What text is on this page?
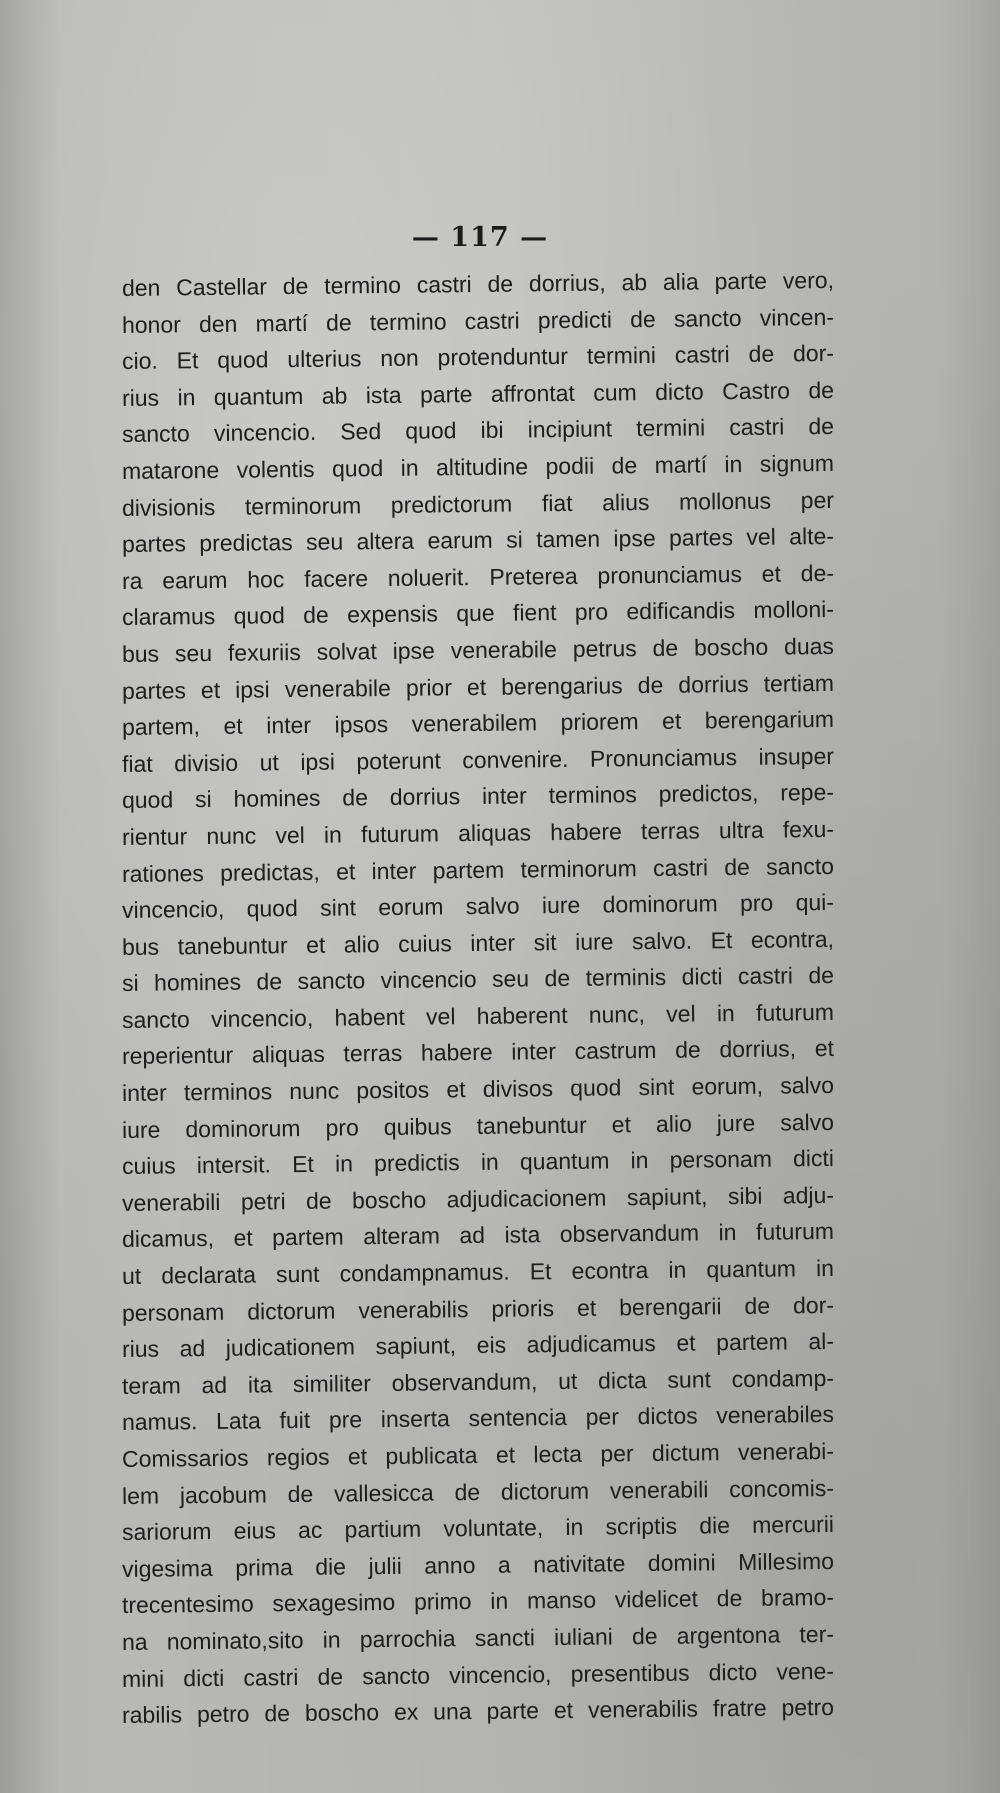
— 117 —
den Castellar de termino castri de dorrius, ab alia parte vero,
honor den martí de termino castri predicti de sancto vincen-
cio. Et quod ulterius non protenduntur termini castri de dor-
rius in quantum ab ista parte affrontat cum dicto Castro de
sancto vincencio. Sed quod ibi incipiunt termini castri de
matarone volentis quod in altitudine podii de martí in signum
divisionis terminorum predictorum fiat alius mollonus per
partes predictas seu altera earum si tamen ipse partes vel alte-
ra earum hoc facere noluerit. Preterea pronunciamus et de-
claramus quod de expensis que fient pro edificandis molloni-
bus seu fexuriis solvat ipse venerabile petrus de boscho duas
partes et ipsi venerabile prior et berengarius de dorrius tertiam
partem, et inter ipsos venerabilem priorem et berengarium
fiat divisio ut ipsi poterunt convenire. Pronunciamus insuper
quod si homines de dorrius inter terminos predictos, repe-
rientur nunc vel in futurum aliquas habere terras ultra fexu-
rationes predictas, et inter partem terminorum castri de sancto
vincencio, quod sint eorum salvo iure dominorum pro qui-
bus tanebuntur et alio cuius inter sit iure salvo. Et econtra,
si homines de sancto vincencio seu de terminis dicti castri de
sancto vincencio, habent vel haberent nunc, vel in futurum
reperientur aliquas terras habere inter castrum de dorrius, et
inter terminos nunc positos et divisos quod sint eorum, salvo
iure dominorum pro quibus tanebuntur et alio jure salvo
cuius intersit. Et in predictis in quantum in personam dicti
venerabili petri de boscho adjudicacionem sapiunt, sibi adju-
dicamus, et partem alteram ad ista observandum in futurum
ut declarata sunt condampnamus. Et econtra in quantum in
personam dictorum venerabilis prioris et berengarii de dor-
rius ad judicationem sapiunt, eis adjudicamus et partem al-
teram ad ita similiter observandum, ut dicta sunt condamp-
namus. Lata fuit pre inserta sentencia per dictos venerabiles
Comissarios regios et publicata et lecta per dictum venerabi-
lem jacobum de vallesicca de dictorum venerabili concomis-
sariorum eius ac partium voluntate, in scriptis die mercurii
vigesima prima die julii anno a nativitate domini Millesimo
trecentesimo sexagesimo primo in manso videlicet de bramo-
na nominato,sito in parrochia sancti iuliani de argentona ter-
mini dicti castri de sancto vincencio, presentibus dicto vene-
rabilis petro de boscho ex una parte et venerabilis fratre petro
